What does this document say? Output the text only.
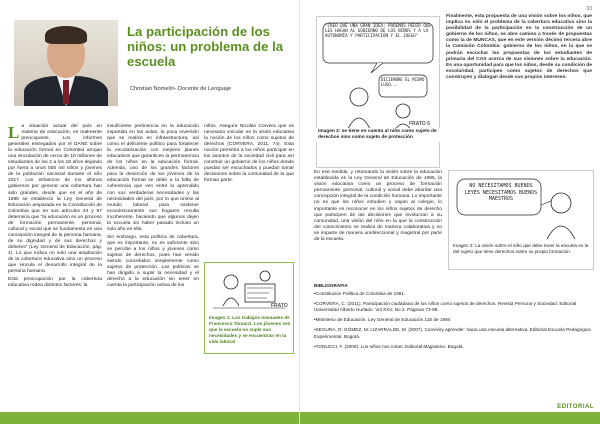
La participación de los niños: un problema de la escuela
Christian Nomelín- Docente de Lenguaje

La situación actual del país en materia de educación, es realmente preocupante. Los informes generales entregados por el DANE sobre la educación formal en Colombia arrojan una vinculación de cerca de 10 millones de estudiantes de los 2 a los 18 años dejando por fuera a unos 500 mil niños y jóvenes de la población nacional durante el año 2017. Los esfuerzos de los últimos gobiernos por generar una cobertura han sido grandes, desde que en el año de 1995 se estableció la Ley General de Educación amparada en la Constitución de Colombia que en sus artículos 44 y 67 determina que "la educación es un proceso de formación permanente, personal, cultural y social que se fundamenta en una concepción integral de la persona humana, de su dignidad y de sus derechos y deberes" (Ley General de Educación, pág. 1). Lo que indica no solo una ampliación de la cobertura educativa sino un proceso que vincula el desarrollo integral de la persona humana.

Esta preocupación por la cobertura educativa rodea distintos factores: la

insuficiente pertinencia en la educación impartida en las aulas, la poca inversión que se realiza en infraestructura, así como el deficiente político para fortalecer la escolarización con mejores planes educativos que garanticen la permanencia de los niños en la educación formal. Además, uno de los grandes factores para la deserción de los jóvenes de la educación formal se debe a la falta de coherencia que ven entre lo aprendido con sus verdaderas necesidades y las necesidades del país, por lo que unirse al mundo laboral para sostener económicamente sus hogares resulta incoherente, haciendo que algunos dejen la escuela sin haber pasado incluso un solo año en ella.

Sin embargo, esta política de cobertura, que es importante, no es suficiente sino se percibe a los niños y jóvenes como sujetos de derechos, pues han venido siendo concebidos simplemente como sujetos de protección. Las políticas se han dirigido a suplir la necesidad y el derecho a la educación sin tener en cuenta la participación activa de los

niños. Asegura Nicolás Corvera que es necesario vincular en la visión educativa la noción de los niños como sujetos de derechos (CORVERA, 2011, 74). Esta noción permitirá a los niños participar en los asuntos de la sociedad civil para así construir un gobierno de los niños donde puedan ser escuchados y puedan tomar decisiones sobre la comunidad de la que forman parte.

Imagen 1: Los trabajos manuales de Francesco Tonucci. Los jóvenes ven que la escuela no suple sus necesidades y se encuentran en la vida laboral
FRATO
03
"CREO QUE UNA GRAN IDEA: PODEMOS PEDIR QUE LES HAGAN AL GOBIERNO DE LOS NIÑOS Y A LA AUTONOMÍA Y PARTICIPACIÓN Y EL JUEGO"
DICIEMBRE EL MISMO LUGO...
FRATO 5
Imagen 2: se tiene en cuenta al niño como sujeto de derechos sino como sujeto de protección
Finalmente, esta propuesta de una visión sobre los niños, que implica no sólo el problema de la cobertura educativa sino la posibilidad de la participación en la construcción de un gobierno de los niños, se abre camino a través de propuestas como la de MUNCAS, que en este versión décimo tercera abre la Comisión Colombia: gobierno de los niños, en la que se podrán escuchar las propuestas de los estudiantes de primaria del CAS acerca de sus visiones sobre la educación. Es una oportunidad para que los niños, desde su condición de escolaridad, participen como sujetos de derechos que construyen y dialogan desde sus propios intereses.
En ese medida, y retomando la visión sobre la educación establecida en la Ley General de Educación de 1995, la visión educativa como un proceso de formación permanente, personal, cultural y social debe abordar una concepción integral de la condición humana. Lo importante no es que los niños estudien y vayan al colegio, lo importante es reconocer en los niños sujetos de derecho que participen de las decisiones que involucran a su comunidad, una visión del niño en la que la construcción del conocimiento se realiza de manera colaborativa y no se imparte de manera unidireccional y magistral por parte de la escuela.
NO NECESITAMOS BUENOS LEYES NECESITAMOS BUENOS MAESTROS
Imagen 3: La visión sobre el niño que debe tener la escuela es la del sujeto que tiene derechos sobre su propia formación.
BIBLIOGRAFIA
•Constitución Política de Colombia de 1991.
•CORVERA, C. (2011). Participación ciudadana de los niños como sujetos de derechos. Revista Persona y Sociedad. Editorial Universidad Alberto Hurtado. Vol XXV, No 2. Páginas 73-99.
•Ministerio de Educación. Ley General de Educación 115 de 1994
•SEGURA, D; GÓMEZ, M; LIZARRALDE, M. (2007). Conviviry aprender: hacia una escuela alternativa. Editorial Escuela Pedagógica Experimental. Bogotá.
•TONUCCI, F. (2009). Los niños nos miran. Editorial Magisterio. Bogotá.
EDITORIAL
